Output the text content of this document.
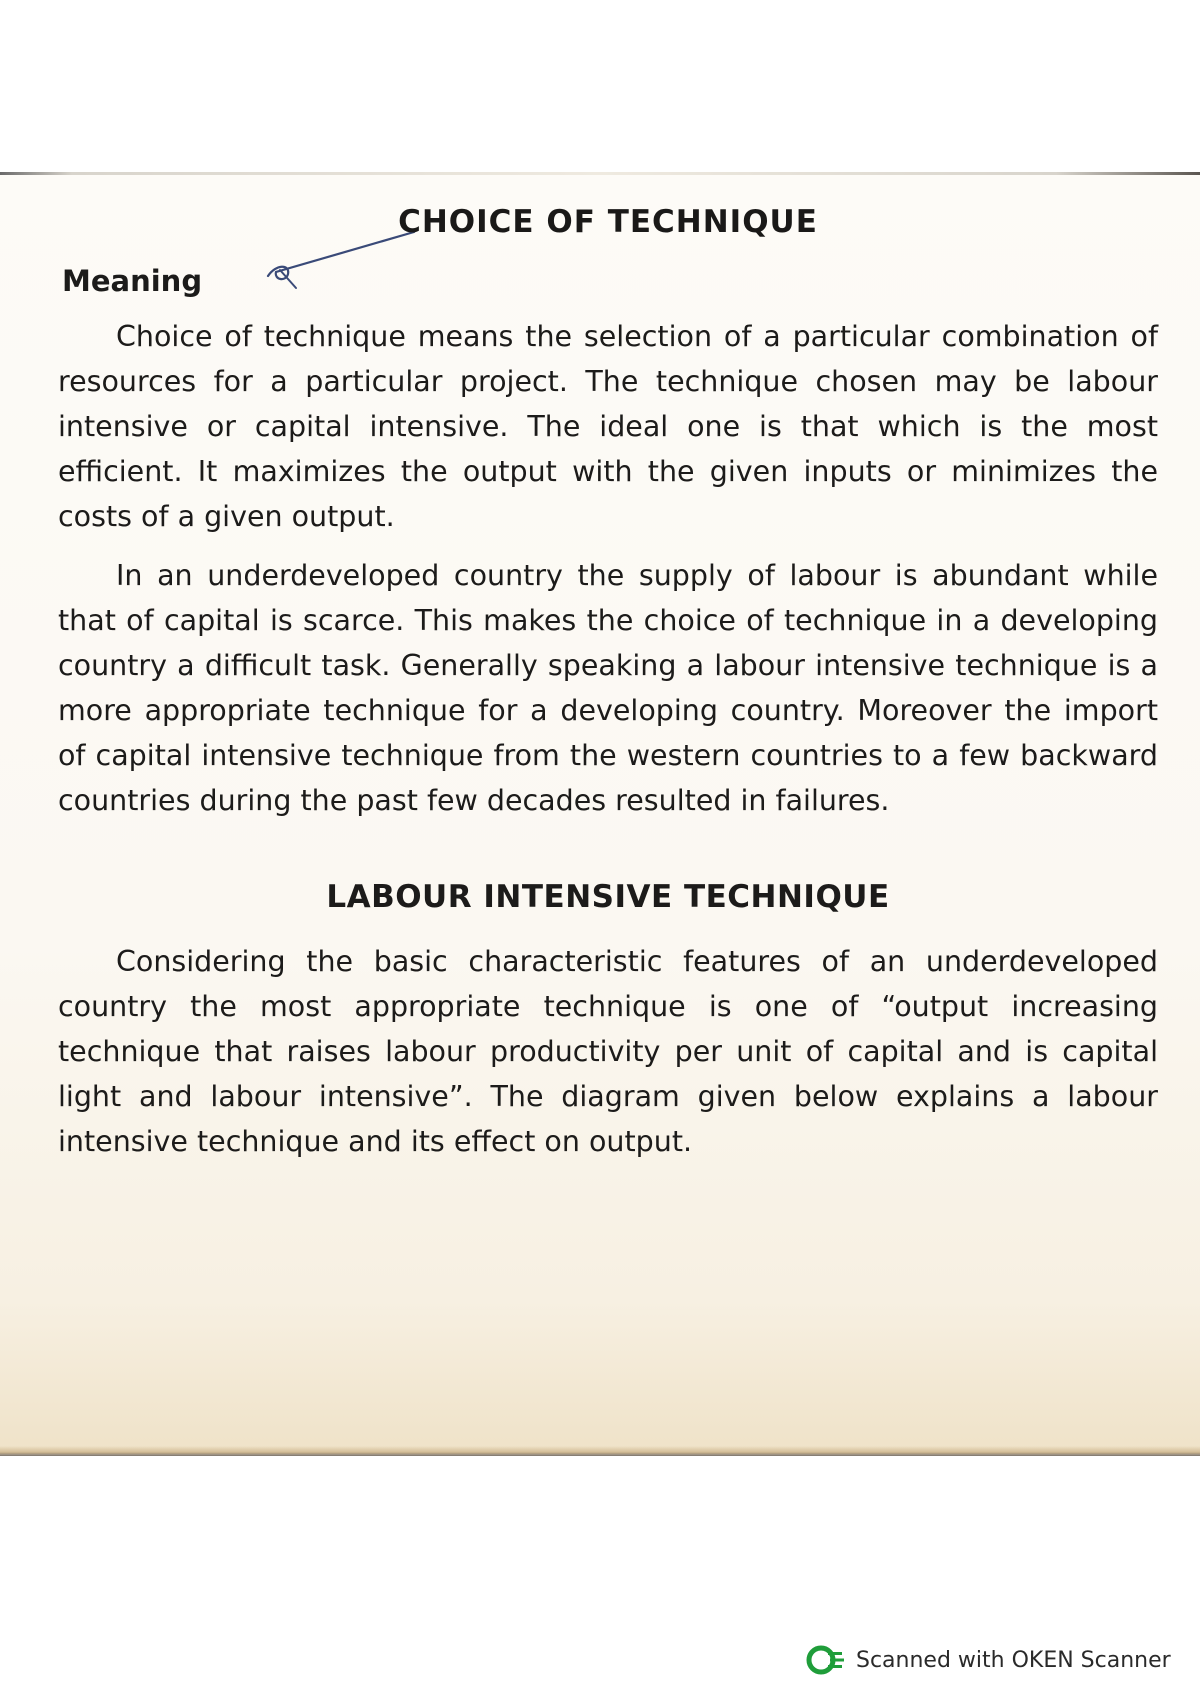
CHOICE OF TECHNIQUE
Meaning

Choice of technique means the selection of a particular combination of resources for a particular project. The technique chosen may be labour intensive or capital intensive. The ideal one is that which is the most efficient. It maximizes the output with the given inputs or minimizes the costs of a given output.

In an underdeveloped country the supply of labour is abundant while that of capital is scarce. This makes the choice of technique in a developing country a difficult task. Generally speaking a labour intensive technique is a more appropriate technique for a developing country. Moreover the import of capital intensive technique from the western countries to a few backward countries during the past few decades resulted in failures.

LABOUR INTENSIVE TECHNIQUE

Considering the basic characteristic features of an underdeveloped country the most appropriate technique is one of “output increasing technique that raises labour productivity per unit of capital and is capital light and labour intensive”. The diagram given below explains a labour intensive technique and its effect on output.

Scanned with OKEN Scanner
